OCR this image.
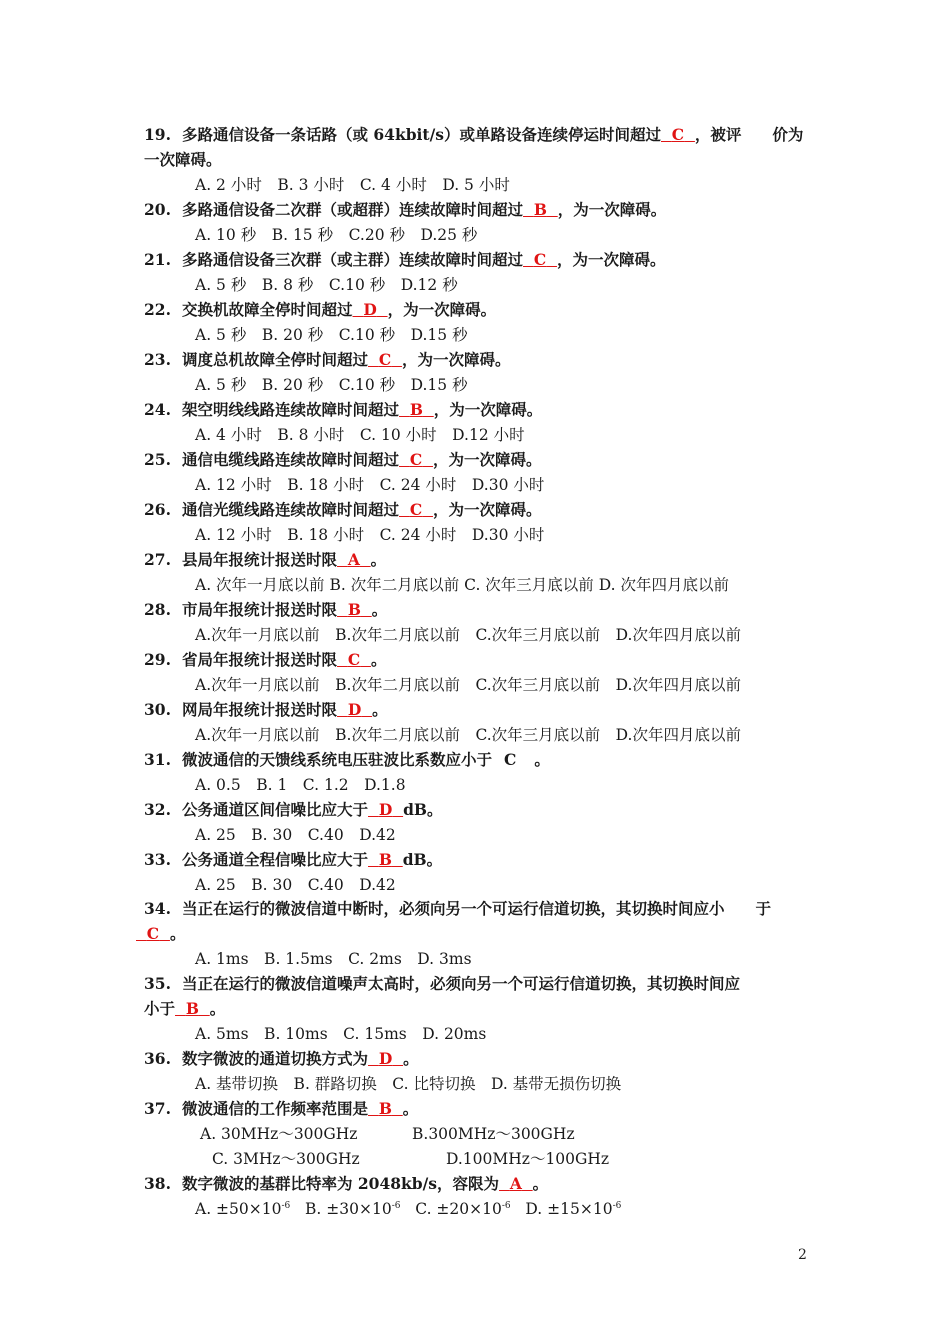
19. 多路通信设备一条话路（或 64kbit/s）或单路设备连续停运时间超过 C ，被评　　价为
一次障碍。
A. 2 小时　B. 3 小时　C. 4 小时　D. 5 小时
20. 多路通信设备二次群（或超群）连续故障时间超过 B ，为一次障碍。
A. 10 秒　B. 15 秒　C.20 秒　D.25 秒
21. 多路通信设备三次群（或主群）连续故障时间超过 C ，为一次障碍。
A. 5 秒　B. 8 秒　C.10 秒　D.12 秒
22. 交换机故障全停时间超过 D ，为一次障碍。
A. 5 秒　B. 20 秒　C.10 秒　D.15 秒
23. 调度总机故障全停时间超过 C ，为一次障碍。
A. 5 秒　B. 20 秒　C.10 秒　D.15 秒
24. 架空明线线路连续故障时间超过 B ，为一次障碍。
A. 4 小时　B. 8 小时　C. 10 小时　D.12 小时
25. 通信电缆线路连续故障时间超过 C ，为一次障碍。
A. 12 小时　B. 18 小时　C. 24 小时　D.30 小时
26. 通信光缆线路连续故障时间超过 C ，为一次障碍。
A. 12 小时　B. 18 小时　C. 24 小时　D.30 小时
27. 县局年报统计报送时限 A 。
A. 次年一月底以前 B. 次年二月底以前 C. 次年三月底以前 D. 次年四月底以前
28. 市局年报统计报送时限 B 。
A.次年一月底以前　B.次年二月底以前　C.次年三月底以前　D.次年四月底以前
29. 省局年报统计报送时限 C 。
A.次年一月底以前　B.次年二月底以前　C.次年三月底以前　D.次年四月底以前
30. 网局年报统计报送时限 D 。
A.次年一月底以前　B.次年二月底以前　C.次年三月底以前　D.次年四月底以前
31. 微波通信的天馈线系统电压驻波比系数应小于 C 。
A. 0.5　B. 1　C. 1.2　D.1.8
32. 公务通道区间信噪比应大于 D dB。
A. 25　B. 30　C.40　D.42
33. 公务通道全程信噪比应大于 B dB。
A. 25　B. 30　C.40　D.42
34. 当正在运行的微波信道中断时，必须向另一个可运行信道切换，其切换时间应小　　于
C 。
A. 1ms　B. 1.5ms　C. 2ms　D. 3ms
35. 当正在运行的微波信道噪声太高时，必须向另一个可运行信道切换，其切换时间应
小于 B 。
A. 5ms　B. 10ms　C. 15ms　D. 20ms
36. 数字微波的通道切换方式为 D 。
A. 基带切换　B. 群路切换　C. 比特切换　D. 基带无损伤切换
37. 微波通信的工作频率范围是 B 。
A. 30MHz～300GHz	B.300MHz～300GHz
C. 3MHz～300GHz	D.100MHz～100GHz
38. 数字微波的基群比特率为 2048kb/s，容限为 A 。
A. $\pm 50\times 10^{-6}$ B. $\pm 30\times 10^{-6}$ C. $\pm 20\times 10^{-6}$ D. $\pm 15\times 10^{-6}$
2
